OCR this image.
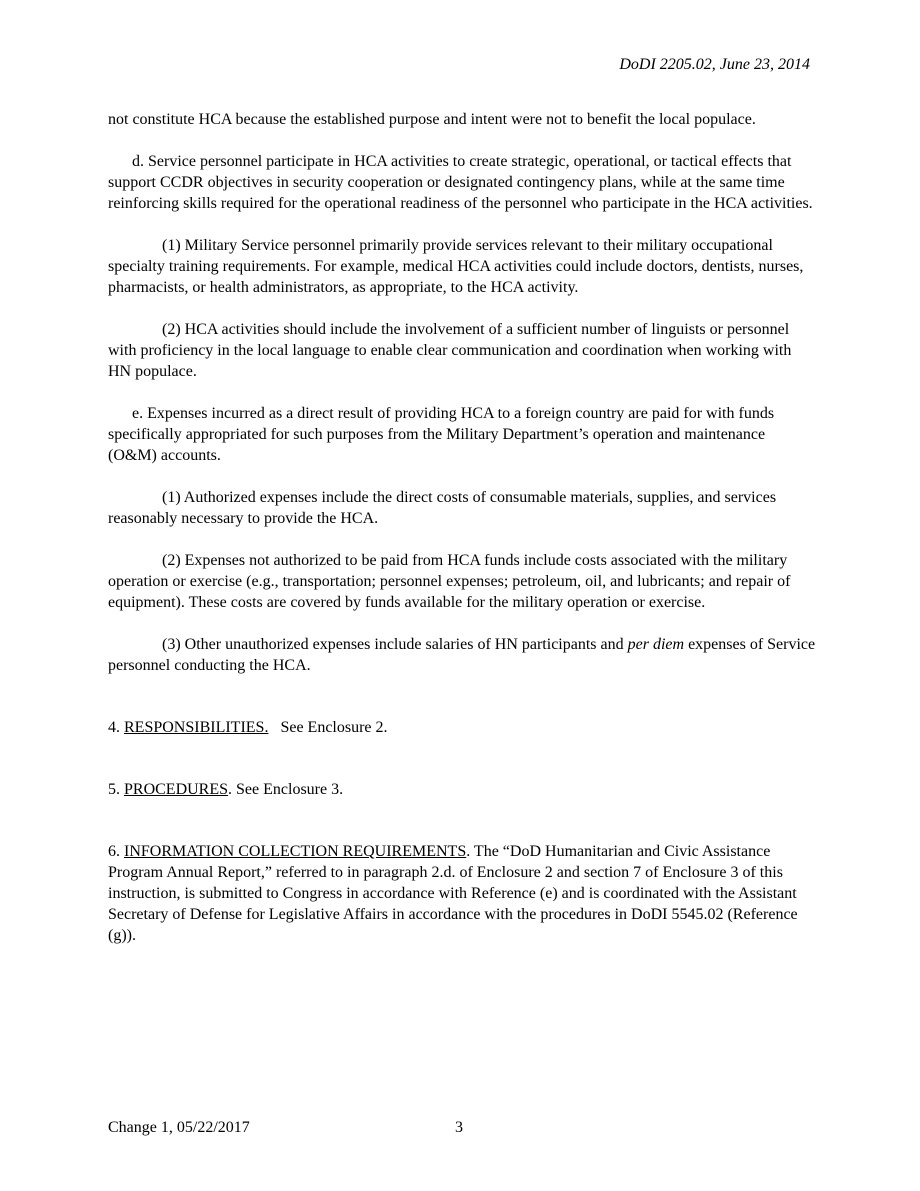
DoDI 2205.02, June 23, 2014

not constitute HCA because the established purpose and intent were not to benefit the local populace.

d. Service personnel participate in HCA activities to create strategic, operational, or tactical effects that support CCDR objectives in security cooperation or designated contingency plans, while at the same time reinforcing skills required for the operational readiness of the personnel who participate in the HCA activities.

(1) Military Service personnel primarily provide services relevant to their military occupational specialty training requirements. For example, medical HCA activities could include doctors, dentists, nurses, pharmacists, or health administrators, as appropriate, to the HCA activity.

(2) HCA activities should include the involvement of a sufficient number of linguists or personnel with proficiency in the local language to enable clear communication and coordination when working with HN populace.

e. Expenses incurred as a direct result of providing HCA to a foreign country are paid for with funds specifically appropriated for such purposes from the Military Department’s operation and maintenance (O&M) accounts.

(1) Authorized expenses include the direct costs of consumable materials, supplies, and services reasonably necessary to provide the HCA.

(2) Expenses not authorized to be paid from HCA funds include costs associated with the military operation or exercise (e.g., transportation; personnel expenses; petroleum, oil, and lubricants; and repair of equipment). These costs are covered by funds available for the military operation or exercise.

(3) Other unauthorized expenses include salaries of HN participants and per diem expenses of Service personnel conducting the HCA.

4. RESPONSIBILITIES.   See Enclosure 2.

5. PROCEDURES. See Enclosure 3.

6. INFORMATION COLLECTION REQUIREMENTS. The “DoD Humanitarian and Civic Assistance Program Annual Report,” referred to in paragraph 2.d. of Enclosure 2 and section 7 of Enclosure 3 of this instruction, is submitted to Congress in accordance with Reference (e) and is coordinated with the Assistant Secretary of Defense for Legislative Affairs in accordance with the procedures in DoDI 5545.02 (Reference (g)).

Change 1, 05/22/2017	3
